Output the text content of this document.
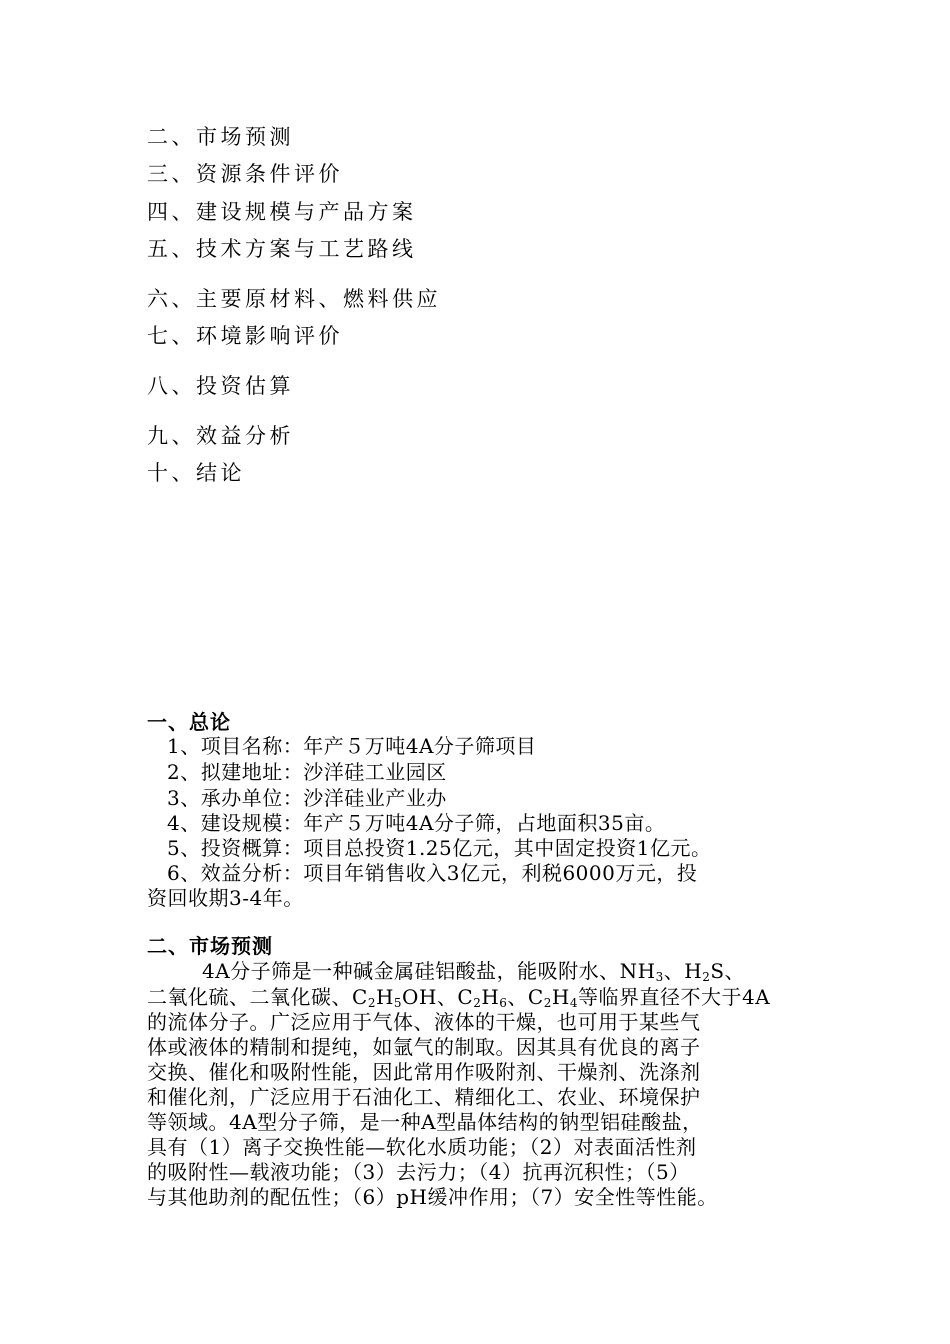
二、市场预测
三、资源条件评价
四、建设规模与产品方案
五、技术方案与工艺路线
六、主要原材料、燃料供应
七、环境影响评价
八、投资估算
九、效益分析
十、结论
一、总论
1、项目名称：年产５万吨4A分子筛项目
2、拟建地址：沙洋硅工业园区
3、承办单位：沙洋硅业产业办
4、建设规模：年产５万吨4A分子筛，占地面积35亩。
5、投资概算：项目总投资1.25亿元，其中固定投资1亿元。
6、效益分析：项目年销售收入3亿元，利税6000万元，投
资回收期3-4年。
二、市场预测
4A分子筛是一种碱金属硅铝酸盐，能吸附水、$NH_3$、$H_2S$、
二氧化硫、二氧化碳、$C_2H_5OH$、$C_2H_6$、$C_2H_4$等临界直径不大于4A
的流体分子。广泛应用于气体、液体的干燥，也可用于某些气
体或液体的精制和提纯，如氩气的制取。因其具有优良的离子
交换、催化和吸附性能，因此常用作吸附剂、干燥剂、洗涤剂
和催化剂，广泛应用于石油化工、精细化工、农业、环境保护
等领域。4A型分子筛，是一种A型晶体结构的钠型铝硅酸盐，
具有（1）离子交换性能—软化水质功能；（2）对表面活性剂
的吸附性—载液功能；（3）去污力；（4）抗再沉积性；（5）
与其他助剂的配伍性；（6）pH缓冲作用；（7）安全性等性能。
